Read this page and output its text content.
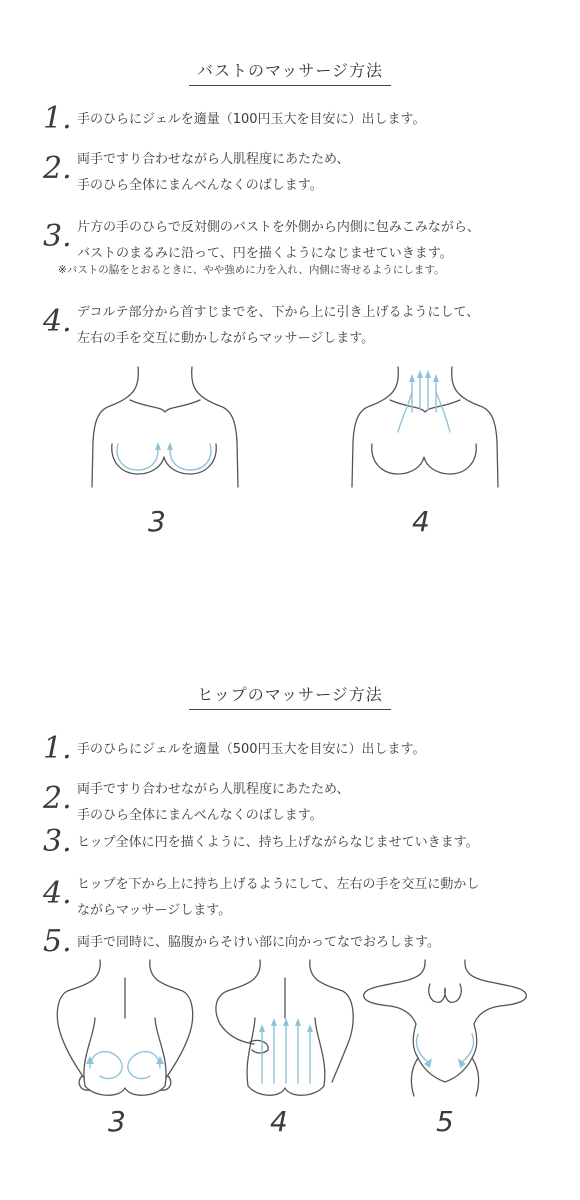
バストのマッサージ方法
1. 手のひらにジェルを適量（100円玉大を目安に）出します。
2. 両手ですり合わせながら人肌程度にあたため、
手のひら全体にまんべんなくのばします。
3. 片方の手のひらで反対側のバストを外側から内側に包みこみながら、
バストのまるみに沿って、円を描くようになじませていきます。
※バストの脇をとおるときに、やや強めに力を入れ、内側に寄せるようにします。
4. デコルテ部分から首すじまでを、下から上に引き上げるようにして、
左右の手を交互に動かしながらマッサージします。
3	4
ヒップのマッサージ方法
1. 手のひらにジェルを適量（500円玉大を目安に）出します。
2. 両手ですり合わせながら人肌程度にあたため、
手のひら全体にまんべんなくのばします。
3. ヒップ全体に円を描くように、持ち上げながらなじませていきます。
4. ヒップを下から上に持ち上げるようにして、左右の手を交互に動かし
ながらマッサージします。
5. 両手で同時に、脇腹からそけい部に向かってなでおろします。
3	4	5
